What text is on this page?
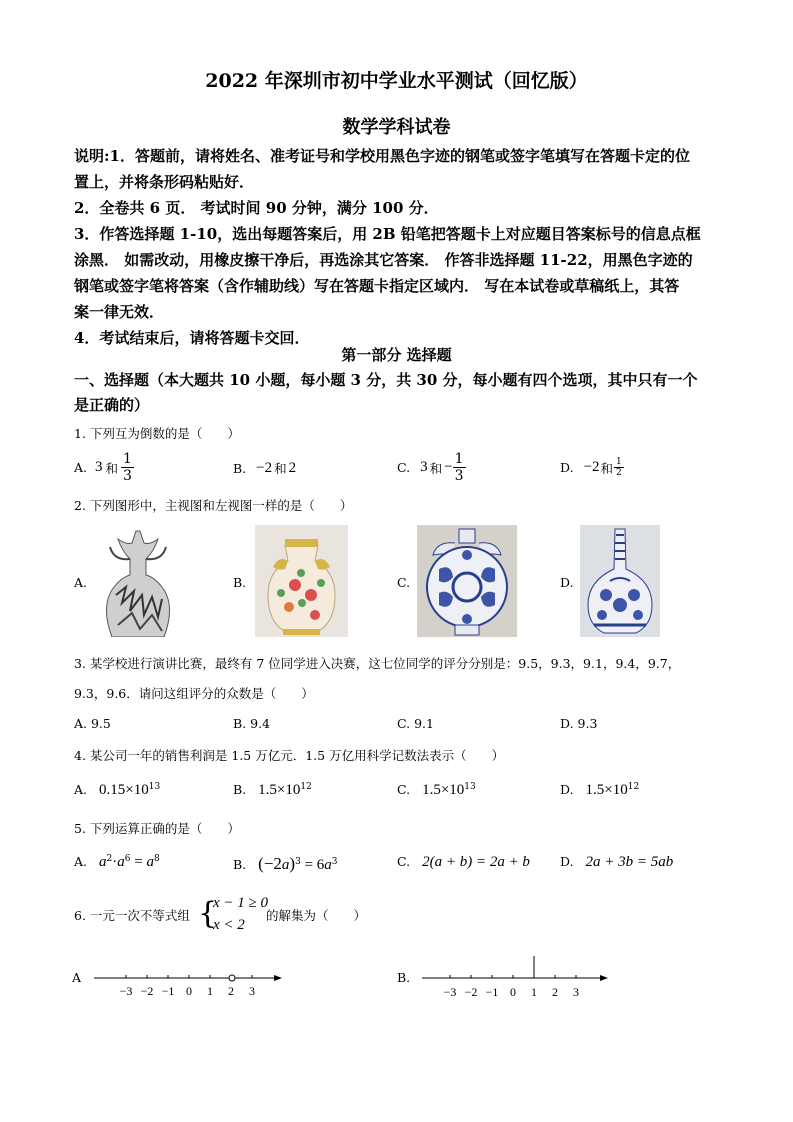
2022 年深圳市初中学业水平测试（回忆版）
数学学科试卷
说明:1．答题前，请将姓名、准考证号和学校用黑色字迹的钢笔或签字笔填写在答题卡定的位
置上，并将条形码粘贴好．
2．全卷共 6 页． 考试时间 90 分钟，满分 100 分．
3．作答选择题 1-10，选出每题答案后，用 2B 铅笔把答题卡上对应题目答案标号的信息点框
涂黑． 如需改动，用橡皮擦干净后，再选涂其它答案． 作答非选择题 11-22，用黑色字迹的
钢笔或签字笔将答案（含作辅助线）写在答题卡指定区域内． 写在本试卷或草稿纸上，其答
案一律无效．
4．考试结束后，请将答题卡交回．
第一部分 选择题
一、选择题（本大题共 10 小题，每小题 3 分，共 30 分，每小题有四个选项，其中只有一个
是正确的）
1. 下列互为倒数的是（　　）
A. 3 和 $\frac{1}{3}$	B. −2 和 2	C. 3 和 − $\frac{1}{3}$	D. −2 和 $\frac{1}{2}$
2. 下列图形中，主视图和左视图一样的是（　　）
A.	B.	C.	D.
3. 某学校进行演讲比赛，最终有 7 位同学进入决赛，这七位同学的评分分别是：9.5，9.3，9.1，9.4，9.7，
9.3，9.6．请问这组评分的众数是（　　）
A. 9.5	B. 9.4	C. 9.1	D. 9.3
4. 某公司一年的销售利润是 1.5 万亿元．1.5 万亿用科学记数法表示（　　）
A. $0.15\times 10^{13}$	B. $1.5\times 10^{12}$	C. $1.5\times 10^{13}$	D. $1.5\times 10^{12}$
5. 下列运算正确的是（　　）
A. $a^2\cdot a^6 = a^8$	B. $(-2a)^3 = 6a^3$	C. 2(a + b) = 2a + b D. 2a + 3b = 5ab
6. 一元一次不等式组 {
x − 1 ≥ 0
x < 2
的解集为（　　）
A
−3 −2 −1 0 1 2 3
B.
−3 −2 −1 0 1 2 3
